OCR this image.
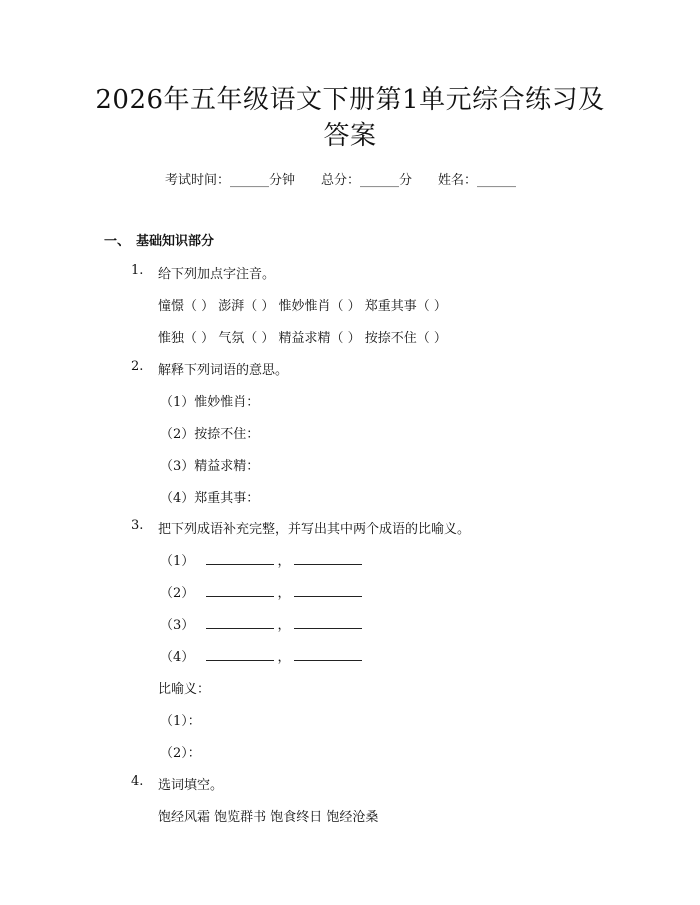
2026年五年级语文下册第1单元综合练习及
答案
考试时间：______分钟 总分：______分 姓名：______
一、 基础知识部分
1. 给下列加点字注音。
憧憬（ ） 澎湃（ ） 惟妙惟肖（ ） 郑重其事（ ）
惟独（ ） 气氛（ ） 精益求精（ ） 按捺不住（ ）
2. 解释下列词语的意思。
（1）惟妙惟肖：
（2）按捺不住：
（3）精益求精：
（4）郑重其事：
3. 把下列成语补充完整，并写出其中两个成语的比喻义。
（1）	，
（2）	，
（3）	，
（4）	，
比喻义：
（1）：
（2）：
4. 选词填空。
饱经风霜 饱览群书 饱食终日 饱经沧桑
